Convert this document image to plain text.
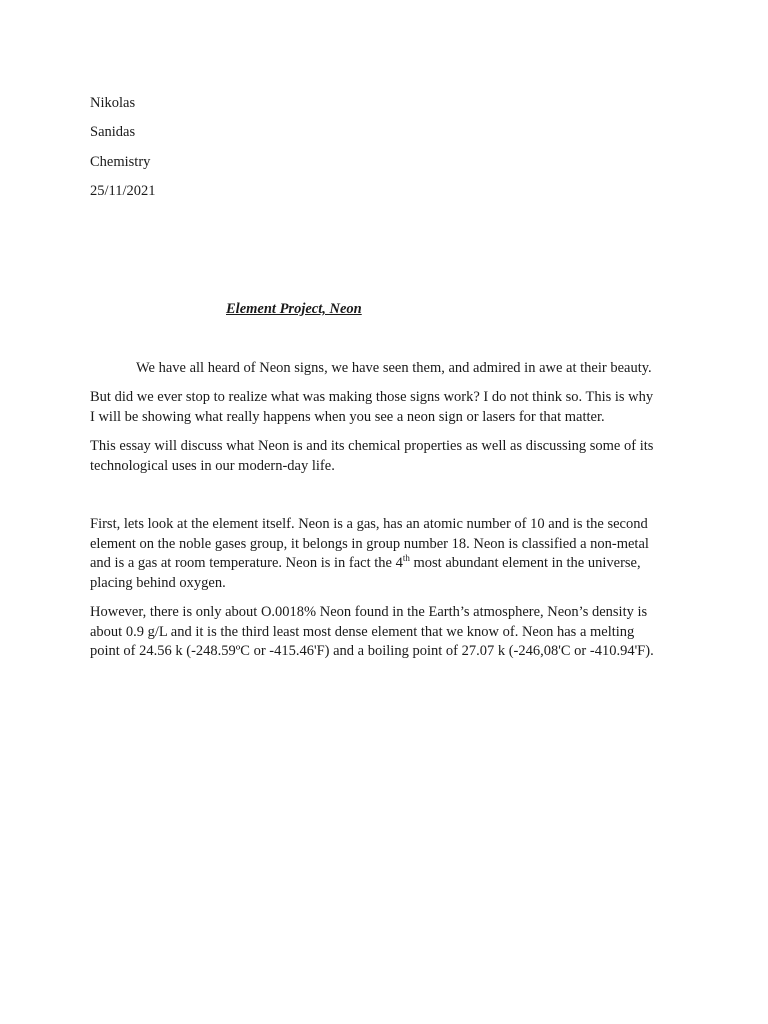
Nikolas
Sanidas
Chemistry
25/11/2021
Element Project, Neon
We have all heard of Neon signs, we have seen them, and admired in awe at their beauty.
But did we ever stop to realize what was making those signs work? I do not think so. This is why
I will be showing what really happens when you see a neon sign or lasers for that matter.
This essay will discuss what Neon is and its chemical properties as well as discussing some of its
technological uses in our modern-day life.
First, lets look at the element itself. Neon is a gas, has an atomic number of 10 and is the second
element on the noble gases group, it belongs in group number 18. Neon is classified a non-metal
and is a gas at room temperature. Neon is in fact the 4th most abundant element in the universe,
placing behind oxygen.
However, there is only about O.0018% Neon found in the Earth’s atmosphere, Neon’s density is
about 0.9 g/L and it is the third least most dense element that we know of. Neon has a melting
point of 24.56 k (-248.59ºC or -415.46'F) and a boiling point of 27.07 k (-246,08'C or -410.94'F).
